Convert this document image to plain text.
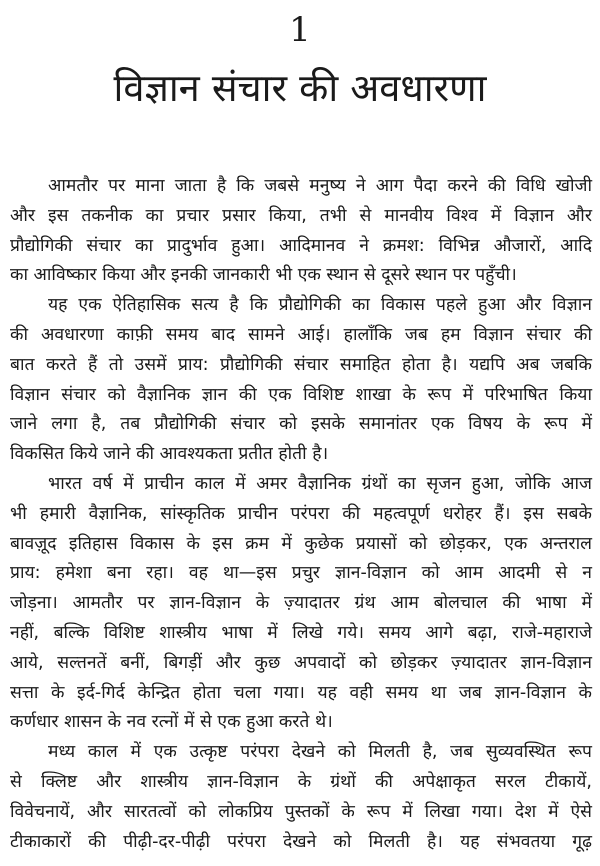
1
विज्ञान संचार की अवधारणा
आमतौर पर माना जाता है कि जबसे मनुष्य ने आग पैदा करने की विधि खोजी
और इस तकनीक का प्रचार प्रसार किया, तभी से मानवीय विश्व में विज्ञान और
प्रौद्योगिकी संचार का प्रादुर्भाव हुआ। आदिमानव ने क्रमश: विभिन्न औजारों, आदि
का आविष्कार किया और इनकी जानकारी भी एक स्थान से दूसरे स्थान पर पहुँची।
यह एक ऐतिहासिक सत्य है कि प्रौद्योगिकी का विकास पहले हुआ और विज्ञान
की अवधारणा काफ़ी समय बाद सामने आई। हालाँकि जब हम विज्ञान संचार की
बात करते हैं तो उसमें प्राय: प्रौद्योगिकी संचार समाहित होता है। यद्यपि अब जबकि
विज्ञान संचार को वैज्ञानिक ज्ञान की एक विशिष्ट शाखा के रूप में परिभाषित किया
जाने लगा है, तब प्रौद्योगिकी संचार को इसके समानांतर एक विषय के रूप में
विकसित किये जाने की आवश्यकता प्रतीत होती है।
भारत वर्ष में प्राचीन काल में अमर वैज्ञानिक ग्रंथों का सृजन हुआ, जोकि आज
भी हमारी वैज्ञानिक, सांस्कृतिक प्राचीन परंपरा की महत्वपूर्ण धरोहर हैं। इस सबके
बावज़ूद इतिहास विकास के इस क्रम में कुछेक प्रयासों को छोड़कर, एक अन्तराल
प्राय: हमेशा बना रहा। वह था—इस प्रचुर ज्ञान-विज्ञान को आम आदमी से न
जोड़ना। आमतौर पर ज्ञान-विज्ञान के ज़्यादातर ग्रंथ आम बोलचाल की भाषा में
नहीं, बल्कि विशिष्ट शास्त्रीय भाषा में लिखे गये। समय आगे बढ़ा, राजे-महाराजे
आये, सल्तनतें बनीं, बिगड़ीं और कुछ अपवादों को छोड़कर ज़्यादातर ज्ञान-विज्ञान
सत्ता के इर्द-गिर्द केन्द्रित होता चला गया। यह वही समय था जब ज्ञान-विज्ञान के
कर्णधार शासन के नव रत्नों में से एक हुआ करते थे।
मध्य काल में एक उत्कृष्ट परंपरा देखने को मिलती है, जब सुव्यवस्थित रूप
से क्लिष्ट और शास्त्रीय ज्ञान-विज्ञान के ग्रंथों की अपेक्षाकृत सरल टीकायें,
विवेचनायें, और सारतत्वों को लोकप्रिय पुस्तकों के रूप में लिखा गया। देश में ऐसे
टीकाकारों की पीढ़ी-दर-पीढ़ी परंपरा देखने को मिलती है। यह संभवतया गूढ़
